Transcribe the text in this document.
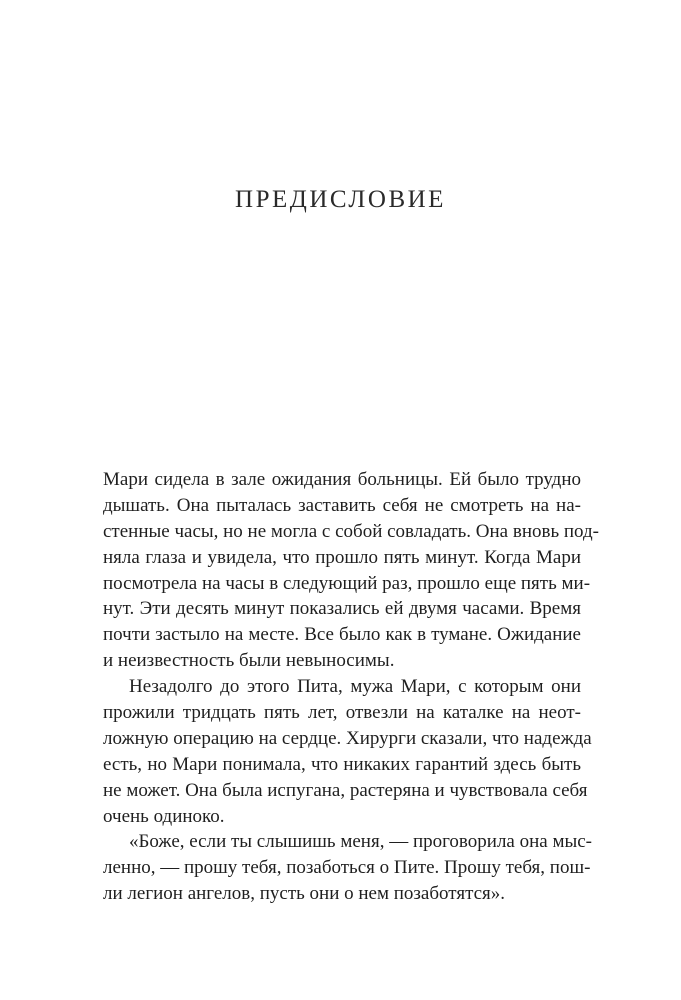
ПРЕДИСЛОВИЕ
Мари сидела в зале ожидания больницы. Ей было трудно
дышать. Она пыталась заставить себя не смотреть на на-
стенные часы, но не могла с собой совладать. Она вновь под-
няла глаза и увидела, что прошло пять минут. Когда Мари
посмотрела на часы в следующий раз, прошло еще пять ми-
нут. Эти десять минут показались ей двумя часами. Время
почти застыло на месте. Все было как в тумане. Ожидание
и неизвестность были невыносимы.
Незадолго до этого Пита, мужа Мари, с которым они
прожили тридцать пять лет, отвезли на каталке на неот-
ложную операцию на сердце. Хирурги сказали, что надежда
есть, но Мари понимала, что никаких гарантий здесь быть
не может. Она была испугана, растеряна и чувствовала себя
очень одиноко.
«Боже, если ты слышишь меня, — проговорила она мыс-
ленно, — прошу тебя, позаботься о Пите. Прошу тебя, пош-
ли легион ангелов, пусть они о нем позаботятся».
